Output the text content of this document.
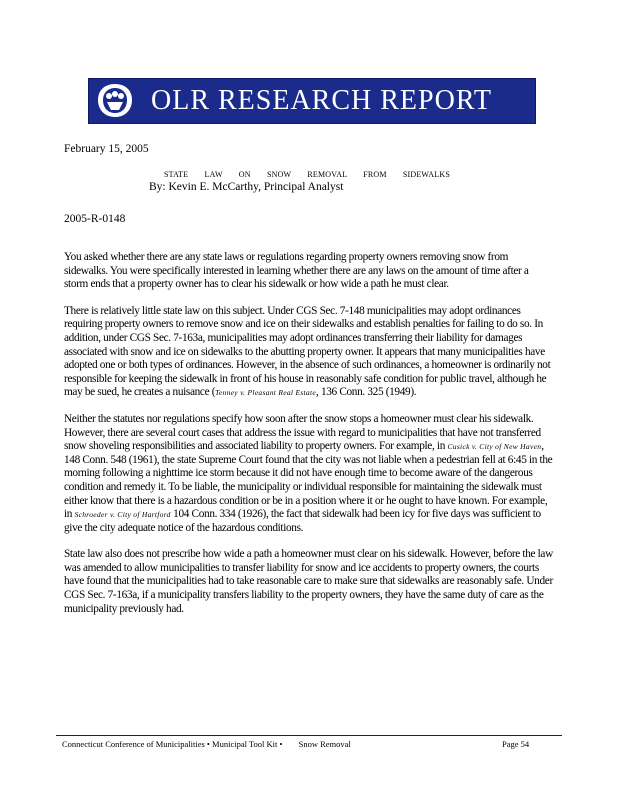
OLR RESEARCH REPORT
February 15, 2005
STATE LAW ON SNOW REMOVAL FROM SIDEWALKS
By: Kevin E. McCarthy, Principal Analyst
2005-R-0148

You asked whether there are any state laws or regulations regarding property owners removing snow from sidewalks. You were specifically interested in learning whether there are any laws on the amount of time after a storm ends that a property owner has to clear his sidewalk or how wide a path he must clear.

There is relatively little state law on this subject. Under CGS Sec. 7-148 municipalities may adopt ordinances requiring property owners to remove snow and ice on their sidewalks and establish penalties for failing to do so. In addition, under CGS Sec. 7-163a, municipalities may adopt ordinances transferring their liability for damages associated with snow and ice on sidewalks to the abutting property owner. It appears that many municipalities have adopted one or both types of ordinances. However, in the absence of such ordinances, a homeowner is ordinarily not responsible for keeping the sidewalk in front of his house in reasonably safe condition for public travel, although he may be sued, he creates a nuisance (Tenney v. Pleasant Real Estate, 136 Conn. 325 (1949).

Neither the statutes nor regulations specify how soon after the snow stops a homeowner must clear his sidewalk. However, there are several court cases that address the issue with regard to municipalities that have not transferred snow shoveling responsibilities and associated liability to property owners. For example, in Cusick v. City of New Haven, 148 Conn. 548 (1961), the state Supreme Court found that the city was not liable when a pedestrian fell at 6:45 in the morning following a nighttime ice storm because it did not have enough time to become aware of the dangerous condition and remedy it. To be liable, the municipality or individual responsible for maintaining the sidewalk must either know that there is a hazardous condition or be in a position where it or he ought to have known. For example, in Schroeder v. City of Hartford 104 Conn. 334 (1926), the fact that sidewalk had been icy for five days was sufficient to give the city adequate notice of the hazardous conditions.

State law also does not prescribe how wide a path a homeowner must clear on his sidewalk. However, before the law was amended to allow municipalities to transfer liability for snow and ice accidents to property owners, the courts have found that the municipalities had to take reasonable care to make sure that sidewalks are reasonably safe. Under CGS Sec. 7-163a, if a municipality transfers liability to the property owners, they have the same duty of care as the municipality previously had.

Connecticut Conference of Municipalities • Municipal Tool Kit • Snow Removal	Page 54
